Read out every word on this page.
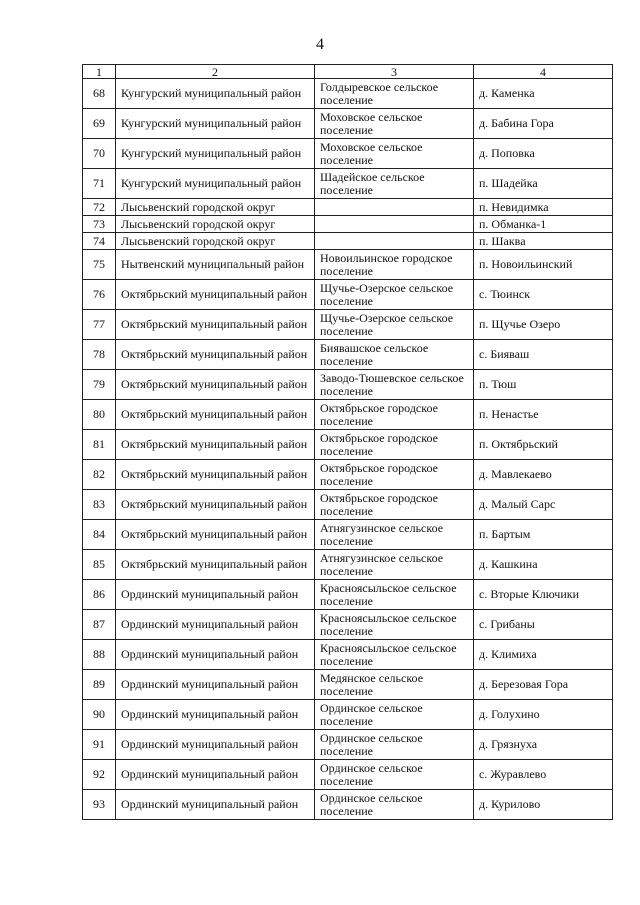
4
1	2	3	4
68	Кунгурский муниципальный район	Голдыревское сельское поселение	д. Каменка
69	Кунгурский муниципальный район	Моховское сельское поселение	д. Бабина Гора
70	Кунгурский муниципальный район	Моховское сельское поселение	д. Поповка
71	Кунгурский муниципальный район	Шадейское сельское поселение	п. Шадейка
72	Лысьвенский городской округ		п. Невидимка
73	Лысьвенский городской округ		п. Обманка-1
74	Лысьвенский городской округ		п. Шаква
75	Нытвенский муниципальный район	Новоильинское городское поселение	п. Новоильинский
76	Октябрьский муниципальный район	Щучье-Озерское сельское поселение	с. Тюинск
77	Октябрьский муниципальный район	Щучье-Озерское сельское поселение	п. Щучье Озеро
78	Октябрьский муниципальный район	Биявашское сельское поселение	с. Бияваш
79	Октябрьский муниципальный район	Заводо-Тюшевское сельское поселение	п. Тюш
80	Октябрьский муниципальный район	Октябрьское городское поселение	п. Ненастье
81	Октябрьский муниципальный район	Октябрьское городское поселение	п. Октябрьский
82	Октябрьский муниципальный район	Октябрьское городское поселение	д. Мавлекаево
83	Октябрьский муниципальный район	Октябрьское городское поселение	д. Малый Сарс
84	Октябрьский муниципальный район	Атнягузинское сельское поселение	п. Бартым
85	Октябрьский муниципальный район	Атнягузинское сельское поселение	д. Кашкина
86	Ординский муниципальный район	Красноясыльское сельское поселение	с. Вторые Ключики
87	Ординский муниципальный район	Красноясыльское сельское поселение	с. Грибаны
88	Ординский муниципальный район	Красноясыльское сельское поселение	д. Климиха
89	Ординский муниципальный район	Медянское сельское поселение	д. Березовая Гора
90	Ординский муниципальный район	Ординское сельское поселение	д. Голухино
91	Ординский муниципальный район	Ординское сельское поселение	д. Грязнуха
92	Ординский муниципальный район	Ординское сельское поселение	с. Журавлево
93	Ординский муниципальный район	Ординское сельское поселение	д. Курилово
